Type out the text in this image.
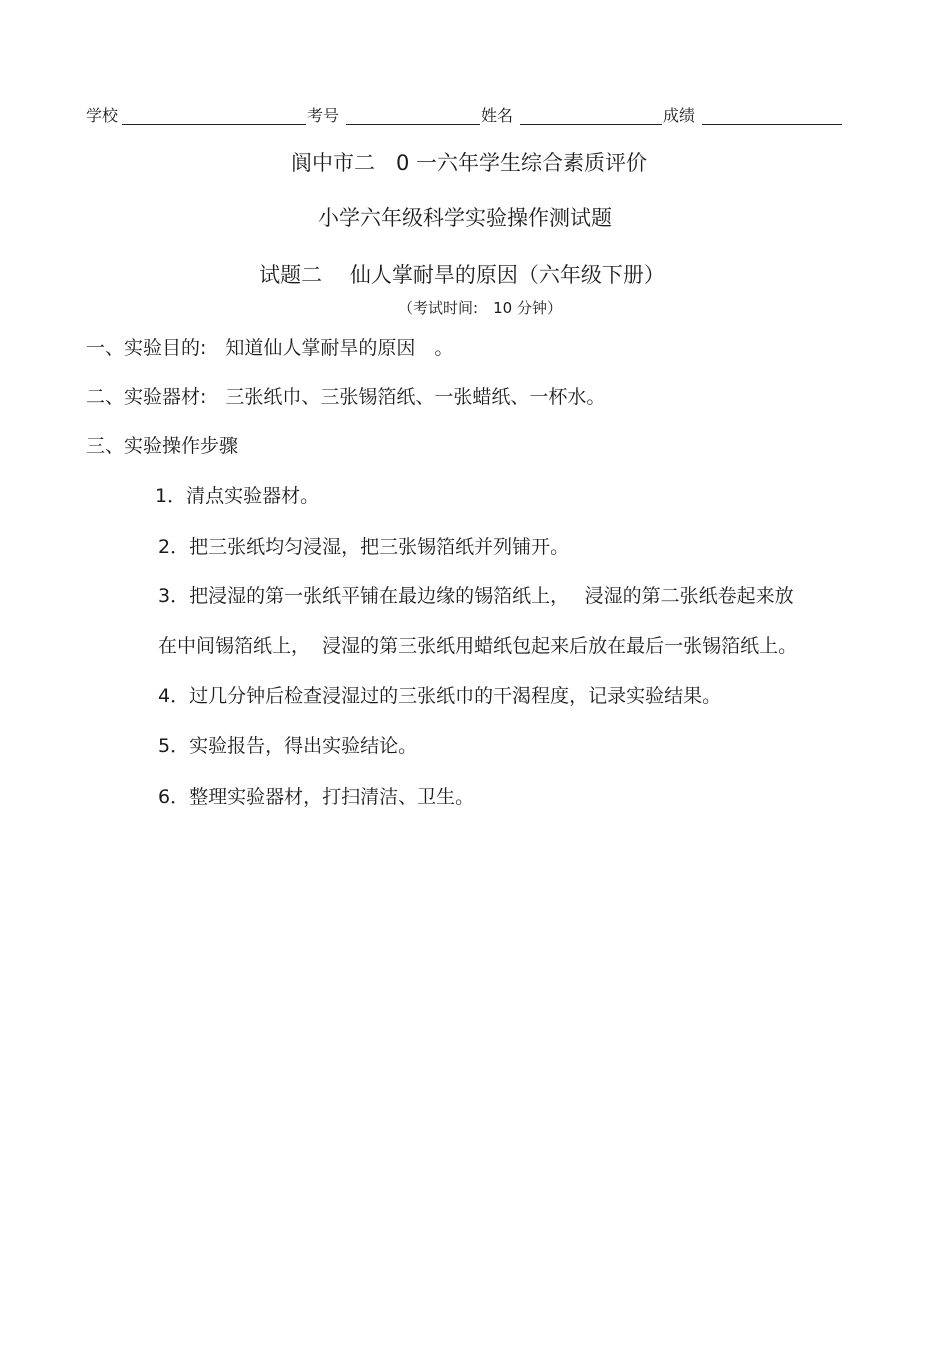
学校	考号	姓名	成绩
阆中市二　0 一六年学生综合素质评价
小学六年级科学实验操作测试题
试题二　 仙人掌耐旱的原因（六年级下册）
（考试时间:　10 分钟）
一、实验目的:　知道仙人掌耐旱的原因　。
二、实验器材:　三张纸巾、三张锡箔纸、一张蜡纸、一杯水。
三、实验操作步骤
1．清点实验器材。
2．把三张纸均匀浸湿，把三张锡箔纸并列铺开。
3．把浸湿的第一张纸平铺在最边缘的锡箔纸上，　 浸湿的第二张纸卷起来放
在中间锡箔纸上，  浸湿的第三张纸用蜡纸包起来后放在最后一张锡箔纸上。
4．过几分钟后检查浸湿过的三张纸巾的干渴程度，记录实验结果。
5．实验报告，得出实验结论。
6．整理实验器材，打扫清洁、卫生。
